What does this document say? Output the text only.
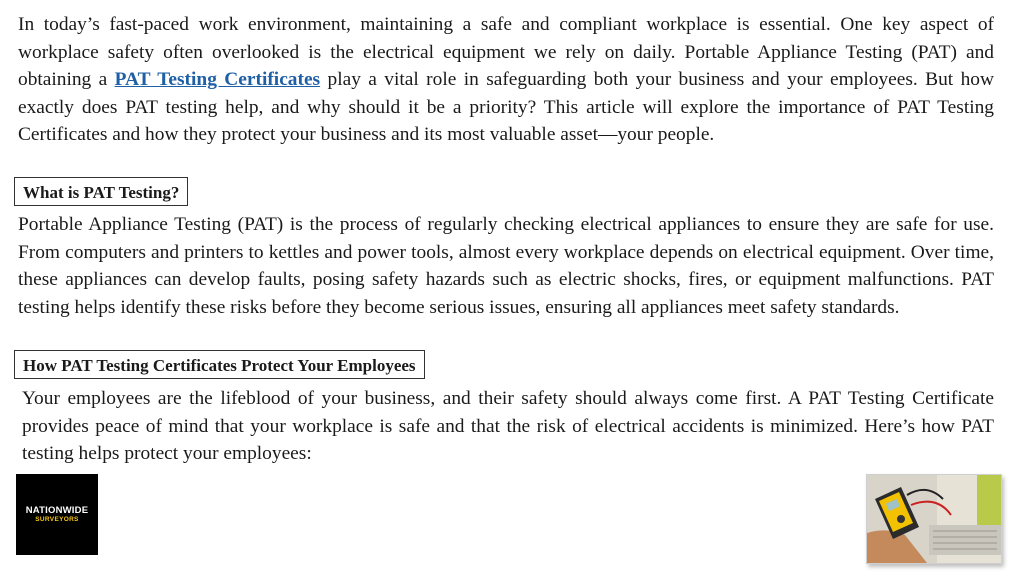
In today’s fast-paced work environment, maintaining a safe and compliant workplace is essential. One key aspect of workplace safety often overlooked is the electrical equipment we rely on daily. Portable Appliance Testing (PAT) and obtaining a PAT Testing Certificates play a vital role in safeguarding both your business and your employees. But how exactly does PAT testing help, and why should it be a priority? This article will explore the importance of PAT Testing Certificates and how they protect your business and its most valuable asset—your people.

What is PAT Testing?

Portable Appliance Testing (PAT) is the process of regularly checking electrical appliances to ensure they are safe for use. From computers and printers to kettles and power tools, almost every workplace depends on electrical equipment. Over time, these appliances can develop faults, posing safety hazards such as electric shocks, fires, or equipment malfunctions. PAT testing helps identify these risks before they become serious issues, ensuring all appliances meet safety standards.

How PAT Testing Certificates Protect Your Employees

Your employees are the lifeblood of your business, and their safety should always come first. A PAT Testing Certificate provides peace of mind that your workplace is safe and that the risk of electrical accidents is minimized. Here’s how PAT testing helps protect your employees:

NATIONWIDE
SURVEYORS
